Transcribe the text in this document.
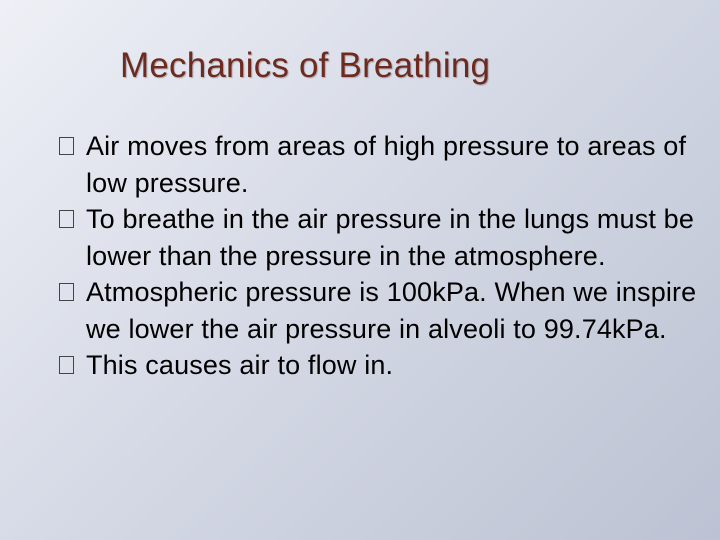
Mechanics of Breathing
Air moves from areas of high pressure to areas of low pressure.
To breathe in the air pressure in the lungs must be lower than the pressure in the atmosphere.
Atmospheric pressure is 100kPa. When we inspire we lower the air pressure in alveoli to 99.74kPa.
This causes air to flow in.
